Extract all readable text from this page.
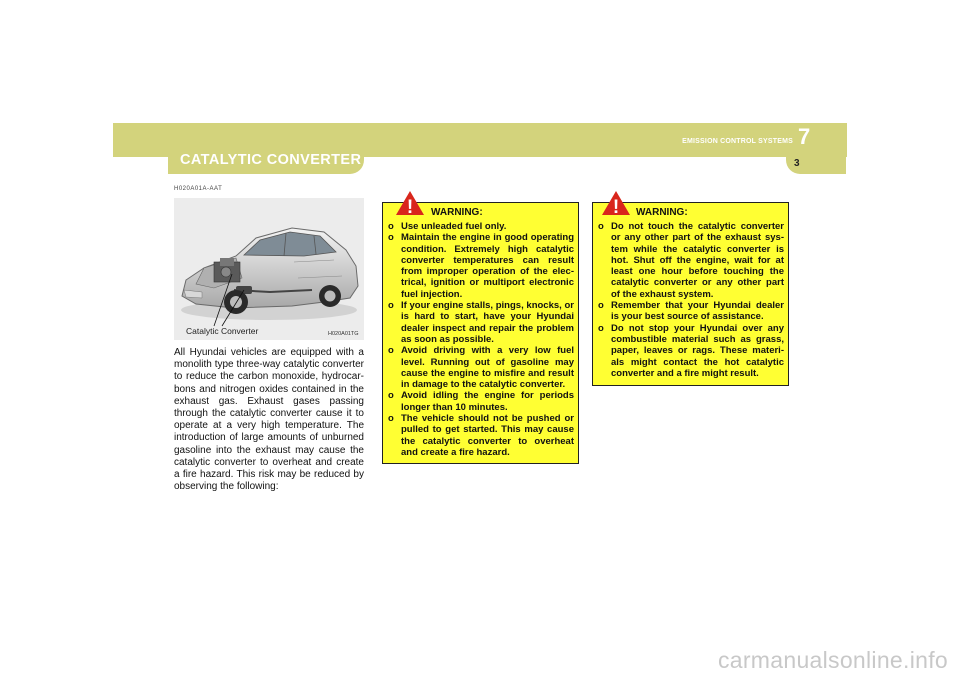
CATALYTIC CONVERTER
EMISSION CONTROL SYSTEMS 7
3
H020A01A-AAT
Catalytic Converter	H020A01TG
All Hyundai vehicles are equipped with a monolith type three-way catalytic converter to reduce the carbon monoxide, hydrocar-bons and nitrogen oxides contained in the exhaust gas. Exhaust gases passing through the catalytic converter cause it to operate at a very high temperature. The introduction of large amounts of unburned gasoline into the exhaust may cause the catalytic converter to overheat and create a fire hazard. This risk may be reduced by observing the following:
! WARNING:
o Use unleaded fuel only.
o Maintain the engine in good operating condition. Extremely high catalytic converter temperatures can result from improper operation of the elec-trical, ignition or multiport electronic fuel injection.
o If your engine stalls, pings, knocks, or is hard to start, have your Hyundai dealer inspect and repair the problem as soon as possible.
o Avoid driving with a very low fuel level. Running out of gasoline may cause the engine to misfire and result in damage to the catalytic converter.
o Avoid idling the engine for periods longer than 10 minutes.
o The vehicle should not be pushed or pulled to get started. This may cause the catalytic converter to overheat and create a fire hazard.
! WARNING:
o Do not touch the catalytic converter or any other part of the exhaust sys-tem while the catalytic converter is hot. Shut off the engine, wait for at least one hour before touching the catalytic converter or any other part of the exhaust system.
o Remember that your Hyundai dealer is your best source of assistance.
o Do not stop your Hyundai over any combustible material such as grass, paper, leaves or rags. These materi-als might contact the hot catalytic converter and a fire might result.
carmanualsonline.info
